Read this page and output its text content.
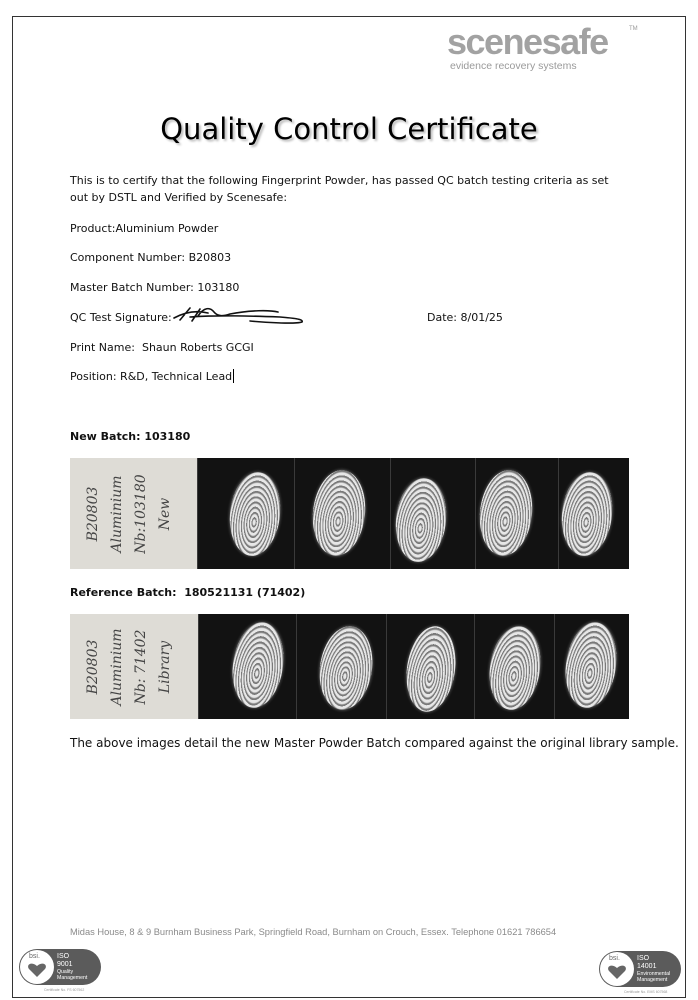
scenesafe
evidence recovery systems
TM
Quality Control Certificate
This is to certify that the following Fingerprint Powder, has passed QC batch testing criteria as set out by DSTL and Verified by Scenesafe:
Product:Aluminium Powder
Component Number: B20803
Master Batch Number: 103180
QC Test Signature:	Date: 8/01/25
Print Name: Shaun Roberts GCGI
Position: R&D, Technical Lead
New Batch: 103180
B20803 Aluminium Nb:103180 New
Reference Batch: 180521131 (71402)
B20803 Aluminium Nb: 71402 Library
The above images detail the new Master Powder Batch compared against the original library sample.
Midas House, 8 & 9 Burnham Business Park, Springfield Road, Burnham on Crouch, Essex. Telephone 01621 786654
bsi. ISO
9001
Quality
Management
Certificate No. FS 607562
bsi. ISO
14001
Environmental
Management
Certificate No. EMS 607568
